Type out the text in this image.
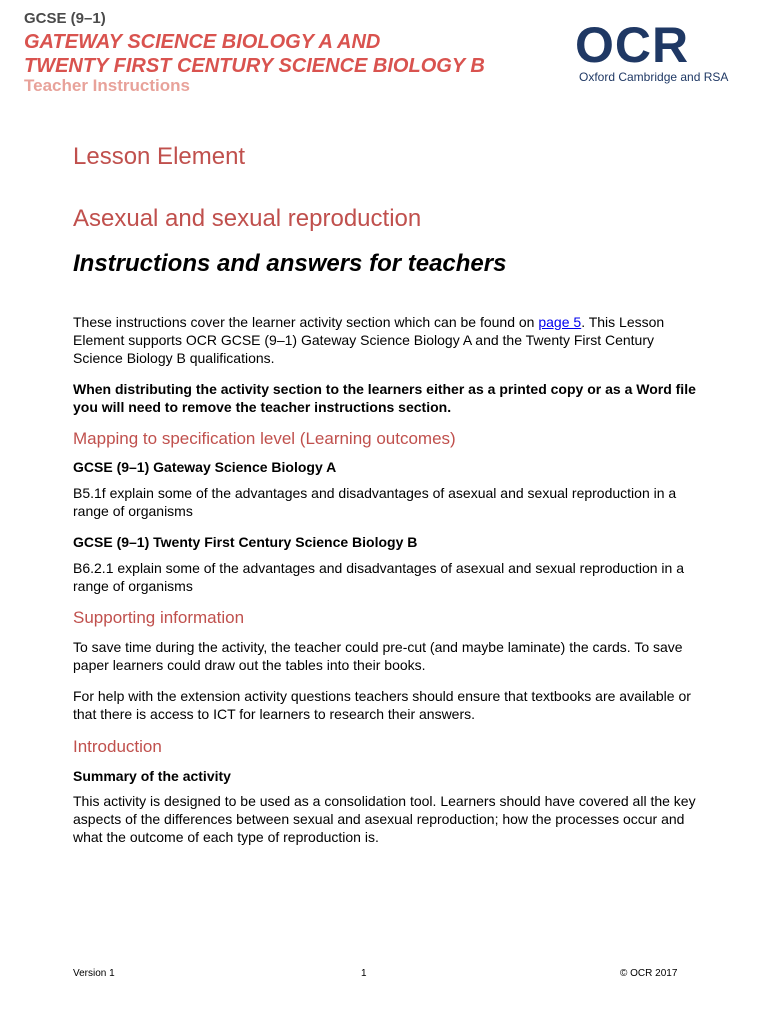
GCSE (9–1)
GATEWAY SCIENCE BIOLOGY A AND
TWENTY FIRST CENTURY SCIENCE BIOLOGY B
Teacher Instructions
OCR
Oxford Cambridge and RSA
Lesson Element
Asexual and sexual reproduction
Instructions and answers for teachers
These instructions cover the learner activity section which can be found on page 5. This Lesson Element supports OCR GCSE (9–1) Gateway Science Biology A and the Twenty First Century Science Biology B qualifications.
When distributing the activity section to the learners either as a printed copy or as a Word file you will need to remove the teacher instructions section.
Mapping to specification level (Learning outcomes)
GCSE (9–1) Gateway Science Biology A
B5.1f explain some of the advantages and disadvantages of asexual and sexual reproduction in a range of organisms
GCSE (9–1) Twenty First Century Science Biology B
B6.2.1 explain some of the advantages and disadvantages of asexual and sexual reproduction in a range of organisms
Supporting information
To save time during the activity, the teacher could pre-cut (and maybe laminate) the cards. To save paper learners could draw out the tables into their books.
For help with the extension activity questions teachers should ensure that textbooks are available or that there is access to ICT for learners to research their answers.
Introduction
Summary of the activity
This activity is designed to be used as a consolidation tool. Learners should have covered all the key aspects of the differences between sexual and asexual reproduction; how the processes occur and what the outcome of each type of reproduction is.
Version 1	1	© OCR 2017
